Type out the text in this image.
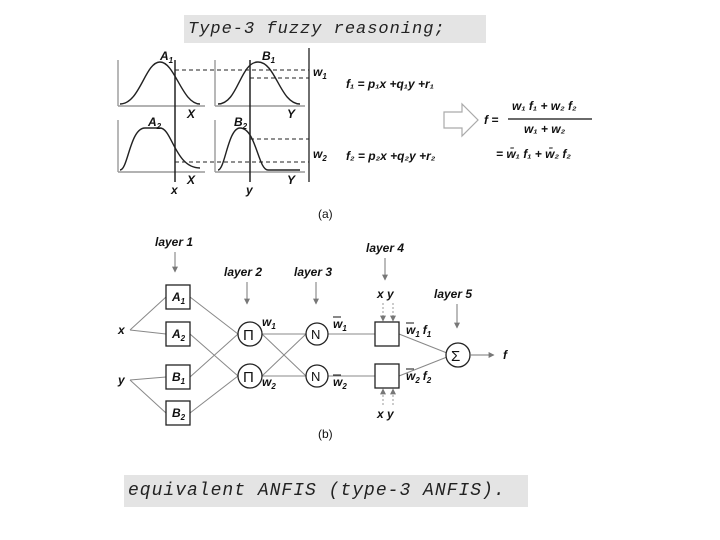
Type-3 fuzzy reasoning;
$A_1$	$B_1$
$A_2$	$B_2$
X	Y
X	Y
x	y
$w_1$
$w_2$
f₁ = p₁x +q₁y +r₁
f₂ = p₂x +q₂y +r₂
f =
w₁ f₁ + w₂ f₂
w₁ + w₂
= w̄₁ f₁ + w̄₂ f₂
(a)
layer 1
layer 2	layer 3
layer 4
layer 5
x
y
x y
x y
$A_1$
$A_2$
$B_1$
$B_2$
Π
Π
$w_1$
$w_2$
N
N
$w_1$
$w_2$
$w_1$ $f_1$
$w_2$ $f_2$
Σ	f
(b)
equivalent ANFIS (type-3 ANFIS).
